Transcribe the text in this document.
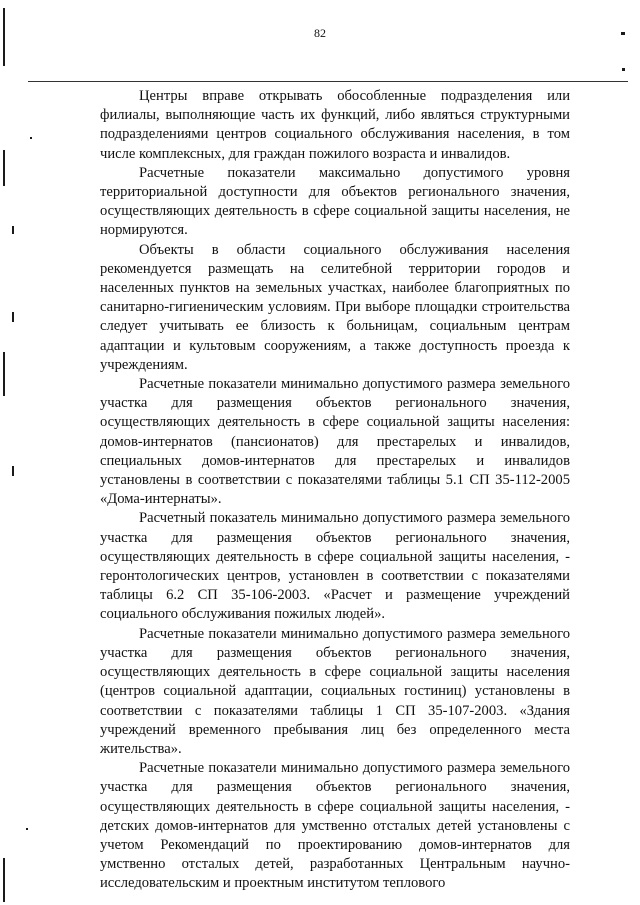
82

Центры вправе открывать обособленные подразделения или филиалы, выполняющие часть их функций, либо являться структурными подразделениями центров социального обслуживания населения, в том числе комплексных, для граждан пожилого возраста и инвалидов.

Расчетные показатели максимально допустимого уровня территориальной доступности для объектов регионального значения, осуществляющих деятельность в сфере социальной защиты населения, не нормируются.

Объекты в области социального обслуживания населения рекомендуется размещать на селитебной территории городов и населенных пунктов на земельных участках, наиболее благоприятных по санитарно-гигиеническим условиям. При выборе площадки строительства следует учитывать ее близость к больницам, социальным центрам адаптации и культовым сооружениям, а также доступность проезда к учреждениям.

Расчетные показатели минимально допустимого размера земельного участка для размещения объектов регионального значения, осуществляющих деятельность в сфере социальной защиты населения: домов-интернатов (пансионатов) для престарелых и инвалидов, специальных домов-интернатов для престарелых и инвалидов установлены в соответствии с показателями таблицы 5.1 СП 35-112-2005 «Дома-интернаты».

Расчетный показатель минимально допустимого размера земельного участка для размещения объектов регионального значения, осуществляющих деятельность в сфере социальной защиты населения, - геронтологических центров, установлен в соответствии с показателями таблицы 6.2 СП 35-106-2003. «Расчет и размещение учреждений социального обслуживания пожилых людей».

Расчетные показатели минимально допустимого размера земельного участка для размещения объектов регионального значения, осуществляющих деятельность в сфере социальной защиты населения (центров социальной адаптации, социальных гостиниц) установлены в соответствии с показателями таблицы 1 СП 35-107-2003. «Здания учреждений временного пребывания лиц без определенного места жительства».

Расчетные показатели минимально допустимого размера земельного участка для размещения объектов регионального значения, осуществляющих деятельность в сфере социальной защиты населения, - детских домов-интернатов для умственно отсталых детей установлены с учетом Рекомендаций по проектированию домов-интернатов для умственно отсталых детей, разработанных Центральным научно-исследовательским и проектным институтом теплового
